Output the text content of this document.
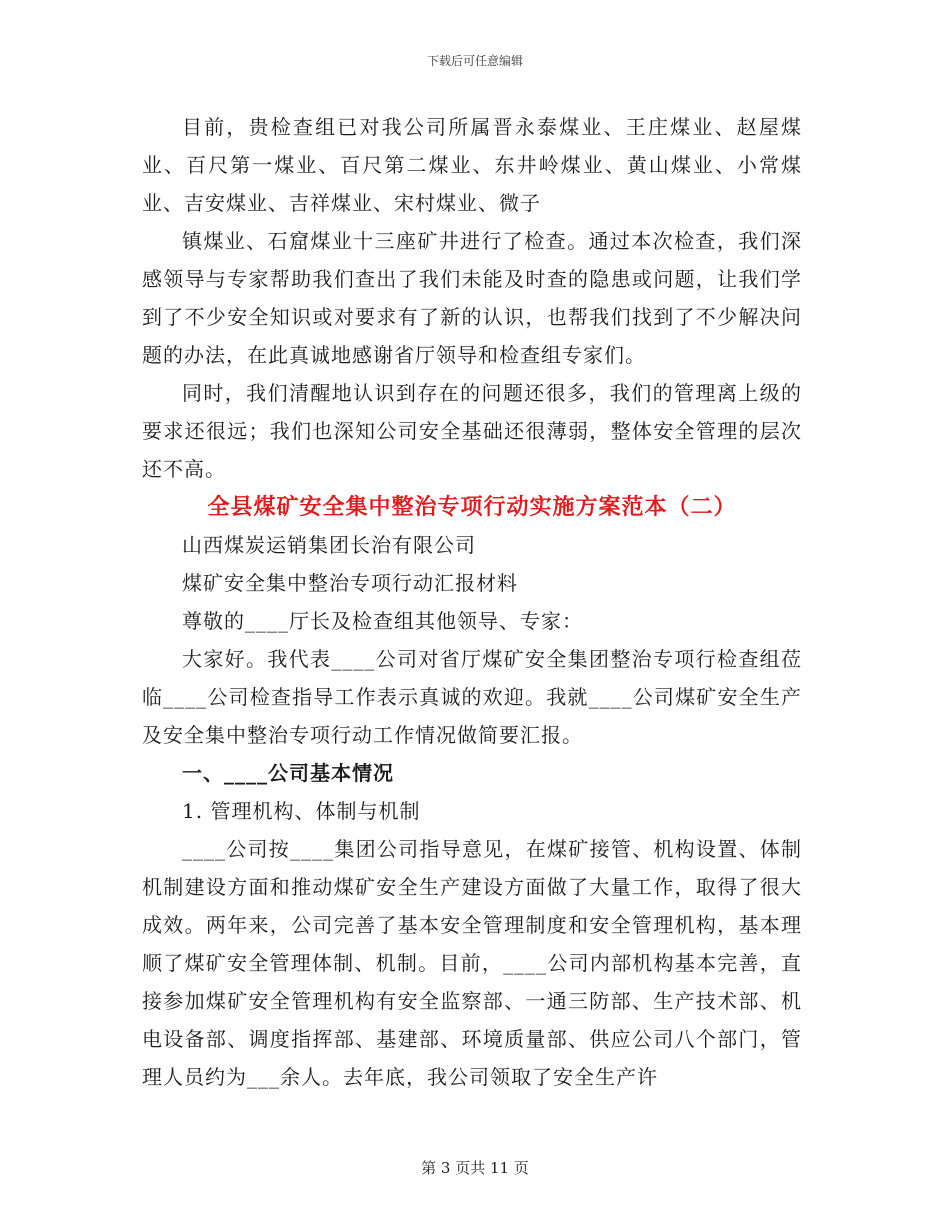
下载后可任意编辑

目前，贵检查组已对我公司所属晋永泰煤业、王庄煤业、赵屋煤业、百尺第一煤业、百尺第二煤业、东井岭煤业、黄山煤业、小常煤业、吉安煤业、吉祥煤业、宋村煤业、微子

镇煤业、石窟煤业十三座矿井进行了检查。通过本次检查，我们深感领导与专家帮助我们查出了我们未能及时查的隐患或问题，让我们学到了不少安全知识或对要求有了新的认识，也帮我们找到了不少解决问题的办法，在此真诚地感谢省厅领导和检查组专家们。

同时，我们清醒地认识到存在的问题还很多，我们的管理离上级的要求还很远；我们也深知公司安全基础还很薄弱，整体安全管理的层次还不高。

全县煤矿安全集中整治专项行动实施方案范本（二）

山西煤炭运销集团长治有限公司

煤矿安全集中整治专项行动汇报材料

尊敬的____厅长及检查组其他领导、专家：

大家好。我代表____公司对省厅煤矿安全集团整治专项行检查组莅临____公司检查指导工作表示真诚的欢迎。我就____公司煤矿安全生产及安全集中整治专项行动工作情况做简要汇报。

一、____公司基本情况

1. 管理机构、体制与机制

____公司按____集团公司指导意见，在煤矿接管、机构设置、体制机制建设方面和推动煤矿安全生产建设方面做了大量工作，取得了很大成效。两年来，公司完善了基本安全管理制度和安全管理机构，基本理顺了煤矿安全管理体制、机制。目前，____公司内部机构基本完善，直接参加煤矿安全管理机构有安全监察部、一通三防部、生产技术部、机电设备部、调度指挥部、基建部、环境质量部、供应公司八个部门，管理人员约为___余人。去年底，我公司领取了安全生产许

第 3 页共 11 页
